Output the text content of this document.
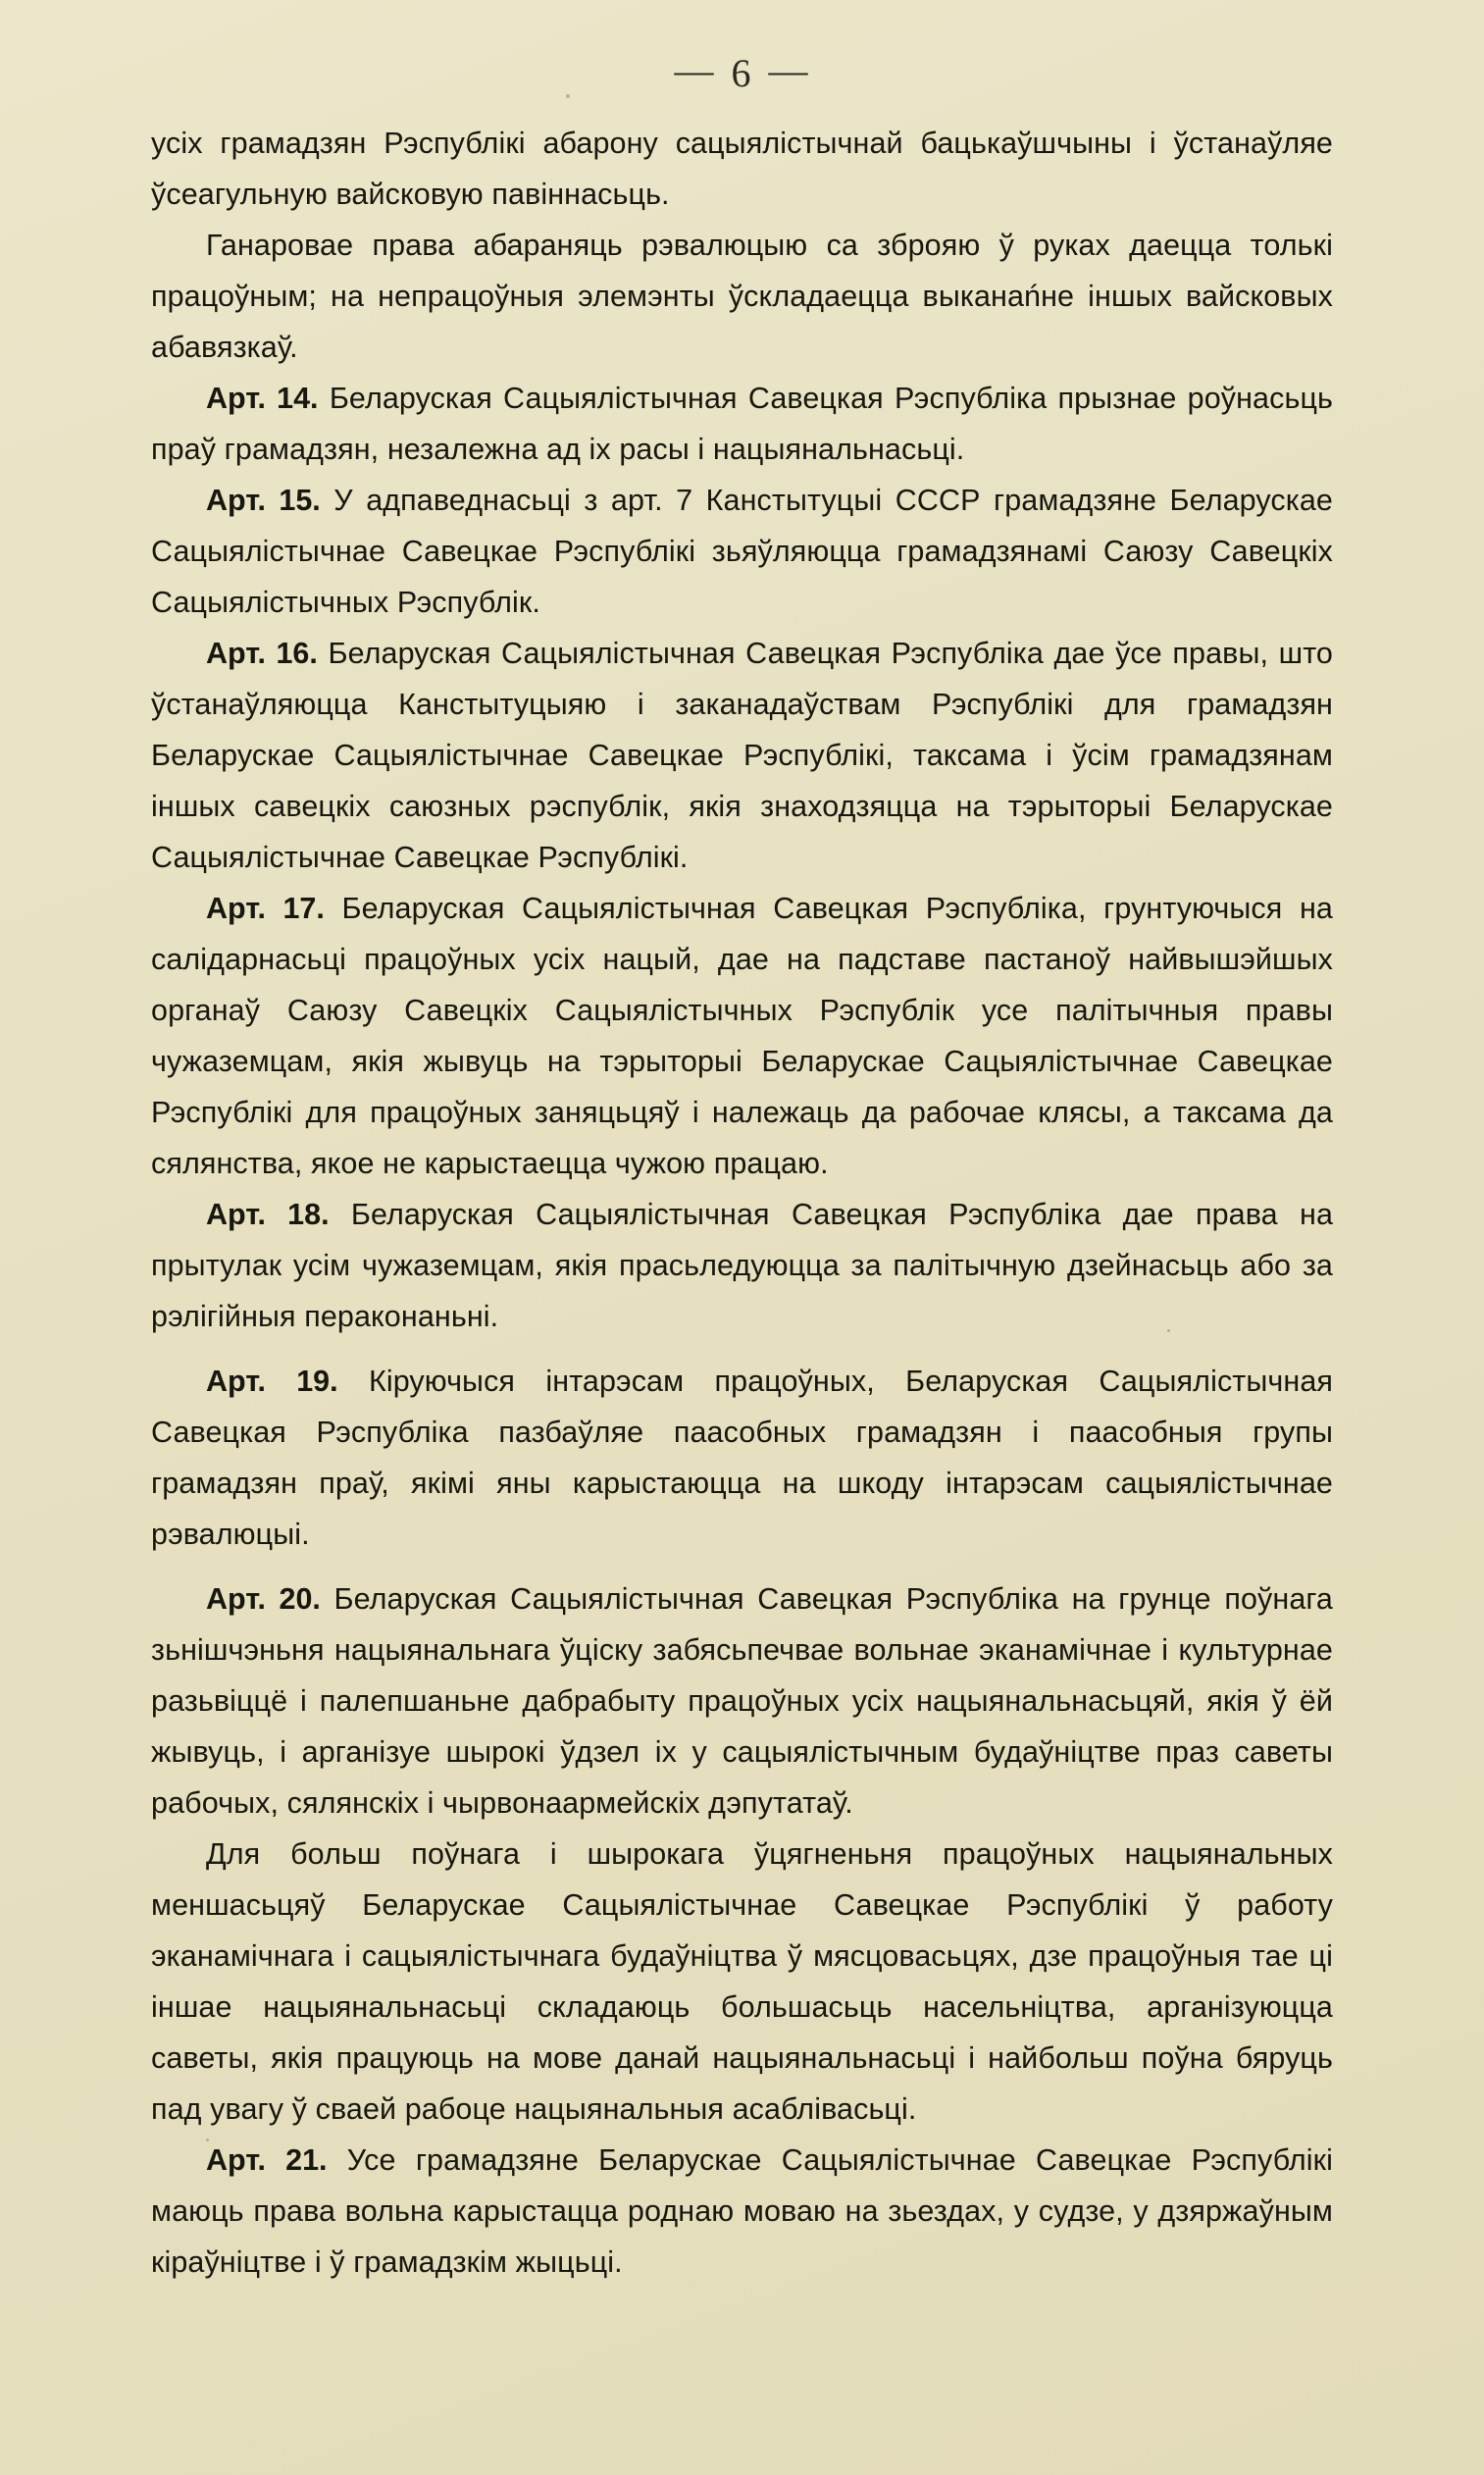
— 6 —

усіх грамадзян Рэспублікі абарону сацыялістычнай бацькаўшчыны і ўстанаўляе ўсеагульную вайсковую павіннасьць.

Ганаровае права абараняць рэвалюцыю са зброяю ў руках даецца толькі працоўным; на непрацоўныя элемэнты ўскладаецца выканańне іншых вайсковых абавязкаў.

Арт. 14. Беларуская Сацыялістычная Савецкая Рэспубліка прызнае роўнасьць праў грамадзян, незалежна ад іх расы і нацыянальнасьці.

Арт. 15. У адпаведнасьці з арт. 7 Канстытуцыі СССР грамадзяне Беларускае Сацыялістычнае Савецкае Рэспублікі зьяўляюцца грамадзянамі Саюзу Савецкіх Сацыялістычных Рэспублік.

Арт. 16. Беларуская Сацыялістычная Савецкая Рэспубліка дае ўсе правы, што ўстанаўляюцца Канстытуцыяю і заканадаўствам Рэспублікі для грамадзян Беларускае Сацыялістычнае Савецкае Рэспублікі, таксама і ўсім грамадзянам іншых савецкіх саюзных рэспублік, якія знаходзяцца на тэрыторыі Беларускае Сацыялістычнае Савецкае Рэспублікі.

Арт. 17. Беларуская Сацыялістычная Савецкая Рэспубліка, грунтуючыся на салідарнасьці працоўных усіх нацый, дае на падставе пастаноў найвышэйшых органаў Саюзу Савецкіх Сацыялістычных Рэспублік усе палітычныя правы чужаземцам, якія жывуць на тэрыторыі Беларускае Сацыялістычнае Савецкае Рэспублікі для працоўных заняцьцяў і належаць да рабочае клясы, а таксама да сялянства, якое не карыстаецца чужою працаю.

Арт. 18. Беларуская Сацыялістычная Савецкая Рэспубліка дае права на прытулак усім чужаземцам, якія прасьледуюцца за палітычную дзейнасьць або за рэлігійныя пераконаньні.

Арт. 19. Кіруючыся інтарэсам працоўных, Беларуская Сацыялістычная Савецкая Рэспубліка пазбаўляе паасобных грамадзян і паасобныя групы грамадзян праў, якімі яны карыстаюцца на шкоду інтарэсам сацыялістычнае рэвалюцыі.

Арт. 20. Беларуская Сацыялістычная Савецкая Рэспубліка на грунце поўнага зьнішчэньня нацыянальнага ўціску забясьпечвае вольнае эканамічнае і культурнае разьвіццё і палепшаньне дабрабыту працоўных усіх нацыянальнасьцяй, якія ў ёй жывуць, і арганізуе шырокі ўдзел іх у сацыялістычным будаўніцтве праз саветы рабочых, сялянскіх і чырвонаармейскіх дэпутатаў.

Для больш поўнага і шырокага ўцягненьня працоўных нацыянальных меншасьцяў Беларускае Сацыялістычнае Савецкае Рэспублікі ў работу эканамічнага і сацыялістычнага будаўніцтва ў мясцовасьцях, дзе працоўныя тае ці іншае нацыянальнасьці складаюць большасьць насельніцтва, арганізуюцца саветы, якія працуюць на мове данай нацыянальнасьці і найбольш поўна бяруць пад увагу ў сваей рабоце нацыянальныя асаблівасьці.

Арт. 21. Усе грамадзяне Беларускае Сацыялістычнае Савецкае Рэспублікі маюць права вольна карыстацца роднаю моваю на зьездах, у судзе, у дзяржаўным кіраўніцтве і ў грамадзкім жыцьці.
